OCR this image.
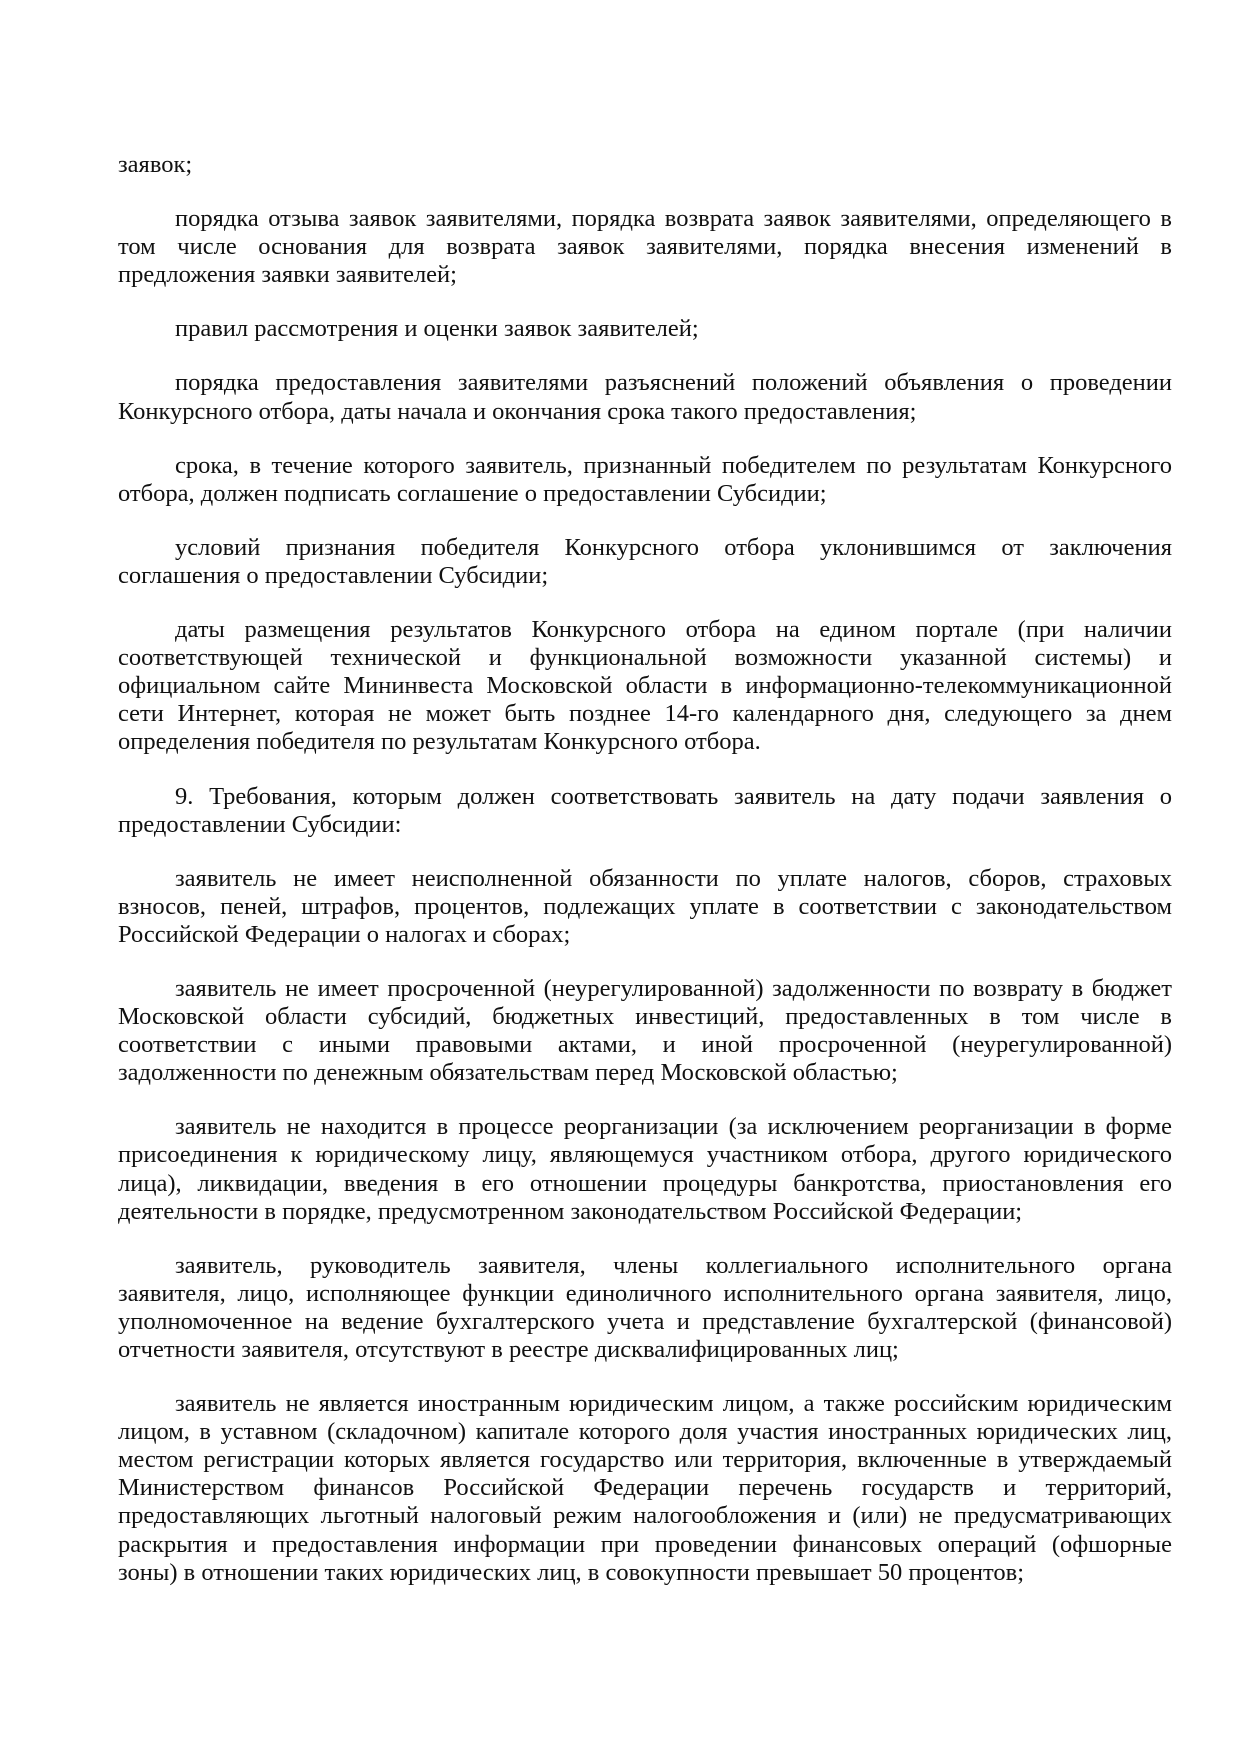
заявок;
порядка отзыва заявок заявителями, порядка возврата заявок заявителями, определяющего в
том числе основания для возврата заявок заявителями, порядка внесения изменений в
предложения заявки заявителей;
правил рассмотрения и оценки заявок заявителей;
порядка предоставления заявителями разъяснений положений объявления о проведении
Конкурсного отбора, даты начала и окончания срока такого предоставления;
срока, в течение которого заявитель, признанный победителем по результатам Конкурсного
отбора, должен подписать соглашение о предоставлении Субсидии;
условий признания победителя Конкурсного отбора уклонившимся от заключения
соглашения о предоставлении Субсидии;
даты размещения результатов Конкурсного отбора на едином портале (при наличии
соответствующей технической и функциональной возможности указанной системы) и
официальном сайте Мининвеста Московской области в информационно-телекоммуникационной
сети Интернет, которая не может быть позднее 14-го календарного дня, следующего за днем
определения победителя по результатам Конкурсного отбора.
9. Требования, которым должен соответствовать заявитель на дату подачи заявления о
предоставлении Субсидии:
заявитель не имеет неисполненной обязанности по уплате налогов, сборов, страховых
взносов, пеней, штрафов, процентов, подлежащих уплате в соответствии с законодательством
Российской Федерации о налогах и сборах;
заявитель не имеет просроченной (неурегулированной) задолженности по возврату в бюджет
Московской области субсидий, бюджетных инвестиций, предоставленных в том числе в
соответствии с иными правовыми актами, и иной просроченной (неурегулированной)
задолженности по денежным обязательствам перед Московской областью;
заявитель не находится в процессе реорганизации (за исключением реорганизации в форме
присоединения к юридическому лицу, являющемуся участником отбора, другого юридического
лица), ликвидации, введения в его отношении процедуры банкротства, приостановления его
деятельности в порядке, предусмотренном законодательством Российской Федерации;
заявитель, руководитель заявителя, члены коллегиального исполнительного органа
заявителя, лицо, исполняющее функции единоличного исполнительного органа заявителя, лицо,
уполномоченное на ведение бухгалтерского учета и представление бухгалтерской (финансовой)
отчетности заявителя, отсутствуют в реестре дисквалифицированных лиц;
заявитель не является иностранным юридическим лицом, а также российским юридическим
лицом, в уставном (складочном) капитале которого доля участия иностранных юридических лиц,
местом регистрации которых является государство или территория, включенные в утверждаемый
Министерством финансов Российской Федерации перечень государств и территорий,
предоставляющих льготный налоговый режим налогообложения и (или) не предусматривающих
раскрытия и предоставления информации при проведении финансовых операций (офшорные
зоны) в отношении таких юридических лиц, в совокупности превышает 50 процентов;
